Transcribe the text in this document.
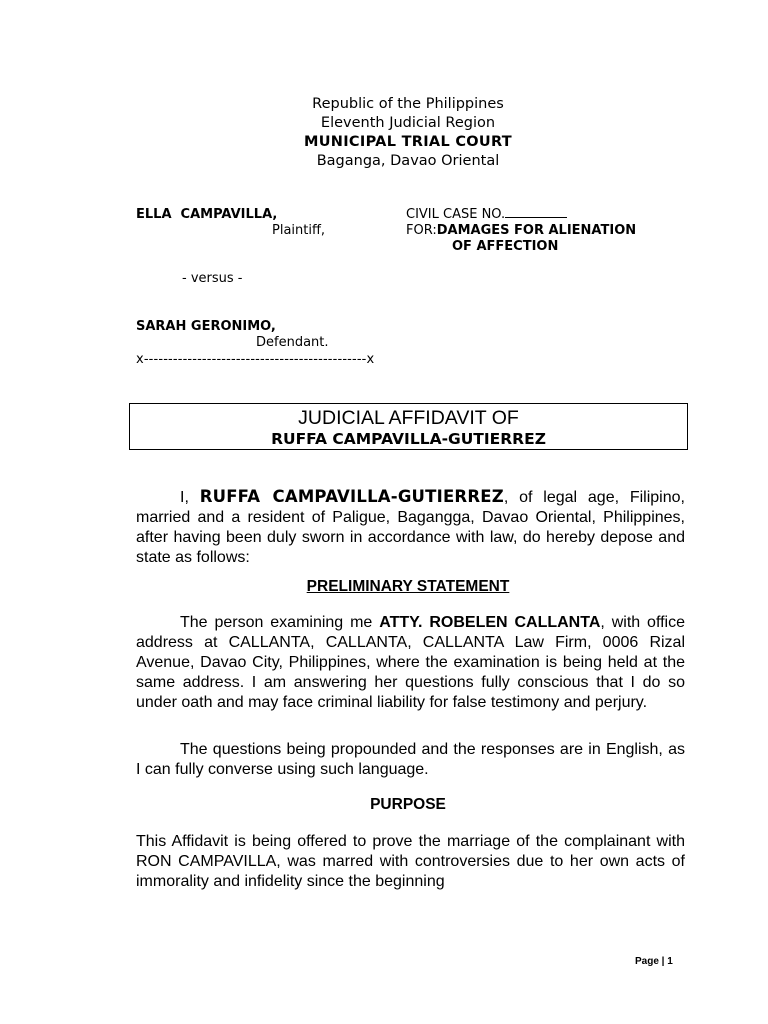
Republic of the Philippines
Eleventh Judicial Region
MUNICIPAL TRIAL COURT
Baganga, Davao Oriental
ELLA  CAMPAVILLA,
Plaintiff,
CIVIL CASE NO.
FOR:DAMAGES FOR ALIENATION
OF AFFECTION
- versus -
SARAH GERONIMO,
Defendant.
x----------------------------------------------x
JUDICIAL AFFIDAVIT OF
RUFFA CAMPAVILLA-GUTIERREZ
I, RUFFA CAMPAVILLA-GUTIERREZ, of legal age, Filipino, married and a resident of Paligue, Bagangga, Davao Oriental, Philippines, after having been duly sworn in accordance with law, do hereby depose and state as follows:
PRELIMINARY STATEMENT
The person examining me ATTY. ROBELEN CALLANTA, with office address at CALLANTA, CALLANTA, CALLANTA Law Firm, 0006 Rizal Avenue, Davao City, Philippines, where the examination is being held at the same address. I am answering her questions fully conscious that I do so under oath and may face criminal liability for false testimony and perjury.
The questions being propounded and the responses are in English, as I can fully converse using such language.
PURPOSE
This Affidavit is being offered to prove the marriage of the complainant with RON CAMPAVILLA, was marred with controversies due to her own acts of immorality and infidelity since the beginning
Page | 1
